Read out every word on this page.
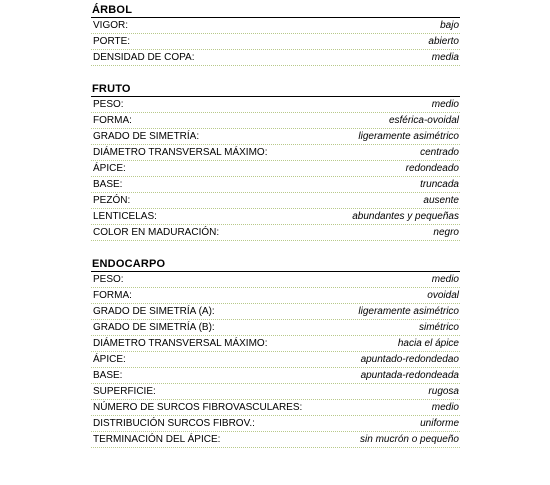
ÁRBOL
VIGOR:	bajo
PORTE:	abierto
DENSIDAD DE COPA:	media
FRUTO
PESO:	medio
FORMA:	esférica-ovoidal
GRADO DE SIMETRÍA:	ligeramente asimétrico
DIÁMETRO TRANSVERSAL MÁXIMO:	centrado
ÁPICE:	redondeado
BASE:	truncada
PEZÓN:	ausente
LENTICELAS:	abundantes y pequeñas
COLOR EN MADURACIÓN:	negro
ENDOCARPO
PESO:	medio
FORMA:	ovoidal
GRADO DE SIMETRÍA (A):	ligeramente asimétrico
GRADO DE SIMETRÍA (B):	simétrico
DIÁMETRO TRANSVERSAL MÁXIMO:	hacia el ápice
ÁPICE:	apuntado-redondedao
BASE:	apuntada-redondeada
SUPERFICIE:	rugosa
NÚMERO DE SURCOS FIBROVASCULARES:	medio
DISTRIBUCIÓN SURCOS FIBROV.:	uniforme
TERMINACIÓN DEL ÁPICE:	sin mucrón o pequeño
